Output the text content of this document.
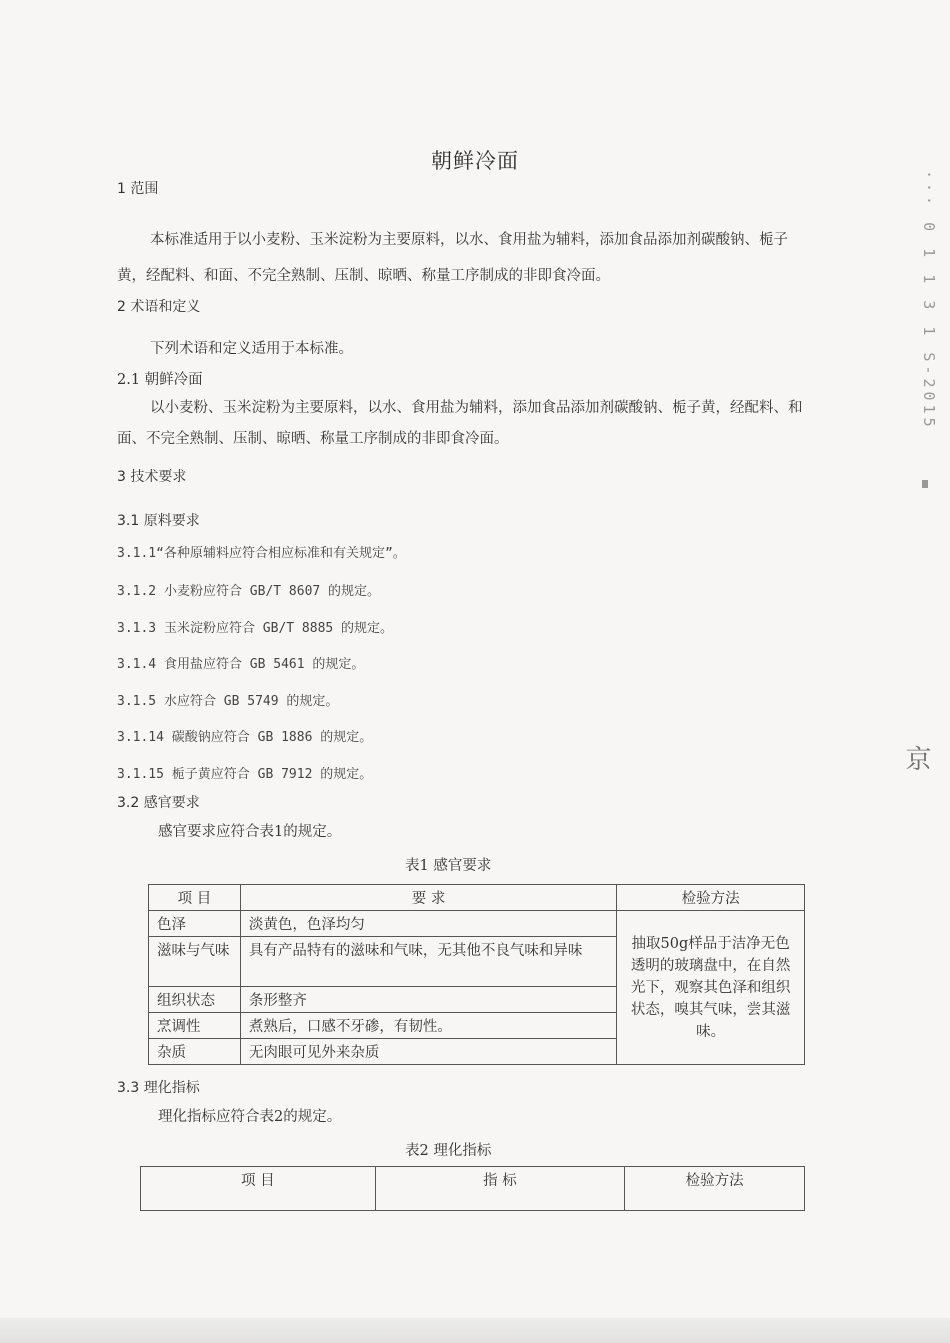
朝鲜冷面
1 范围
本标准适用于以小麦粉、玉米淀粉为主要原料，以水、食用盐为辅料，添加食品添加剂碳酸钠、栀子黄，经配料、和面、不完全熟制、压制、晾晒、称量工序制成的非即食冷面。
2 术语和定义
下列术语和定义适用于本标准。
2.1 朝鲜冷面
以小麦粉、玉米淀粉为主要原料，以水、食用盐为辅料，添加食品添加剂碳酸钠、栀子黄，经配料、和面、不完全熟制、压制、晾晒、称量工序制成的非即食冷面。
3 技术要求
3.1 原料要求
3.1.1“各种原辅料应符合相应标准和有关规定”。
3.1.2 小麦粉应符合 GB/T 8607 的规定。
3.1.3 玉米淀粉应符合 GB/T 8885 的规定。
3.1.4 食用盐应符合 GB 5461 的规定。
3.1.5 水应符合 GB 5749 的规定。
3.1.14 碳酸钠应符合 GB 1886 的规定。
3.1.15 栀子黄应符合 GB 7912 的规定。
3.2 感官要求
感官要求应符合表1的规定。
表1 感官要求
项 目	要 求	检验方法
色泽	淡黄色，色泽均匀	抽取50g样品于洁净无色透明的玻璃盘中，在自然光下，观察其色泽和组织状态，嗅其气味，尝其滋味。
滋味与气味	具有产品特有的滋味和气味，无其他不良气味和异味	
组织状态	条形整齐	
烹调性	煮熟后，口感不牙碜，有韧性。	
杂质	无肉眼可见外来杂质	
3.3 理化指标
理化指标应符合表2的规定。
表2 理化指标
项 目	指 标	检验方法
··· 0 1 1 3 1 S-2015
京
